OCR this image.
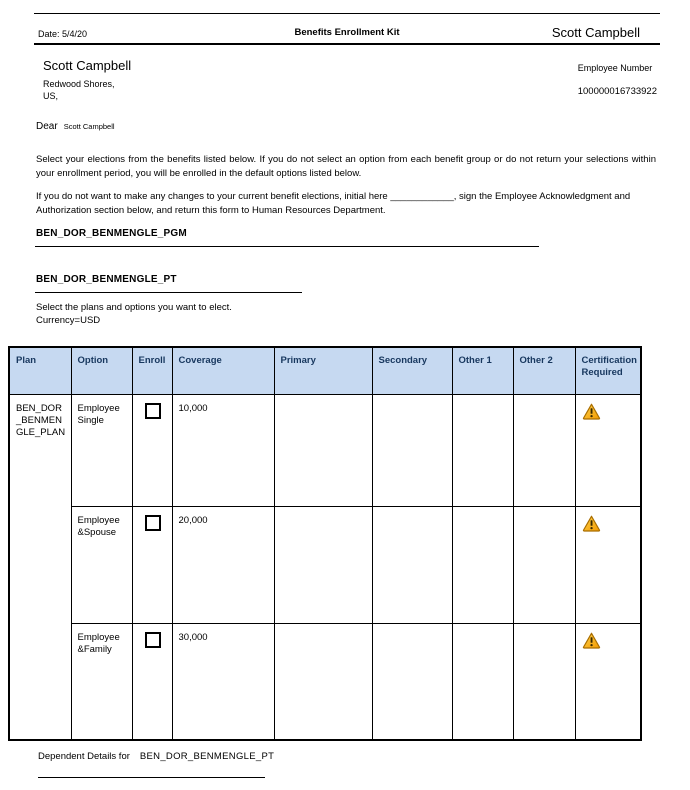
Date: 5/4/20	Benefits Enrollment Kit	Scott Campbell
Scott Campbell
Redwood Shores,
US,
Employee Number
100000016733922
Dear Scott Campbell
Select your elections from the benefits listed below. If you do not select an option from each benefit group or do not return your selections within your enrollment period, you will be enrolled in the default options listed below.
If you do not want to make any changes to your current benefit elections, initial here ____________, sign the Employee Acknowledgment and Authorization section below, and return this form to Human Resources Department.
BEN_DOR_BENMENGLE_PGM
BEN_DOR_BENMENGLE_PT
Select the plans and options you want to elect.
Currency=USD
Plan	Option	Enroll	Coverage	Primary	Secondary	Other 1	Other 2	Certification Required
BEN_DOR_BENMENGLE_PLAN	Employee Single		10,000					

	Employee &Spouse		20,000					

	Employee &Family		30,000					
Dependent Details for BEN_DOR_BENMENGLE_PT
